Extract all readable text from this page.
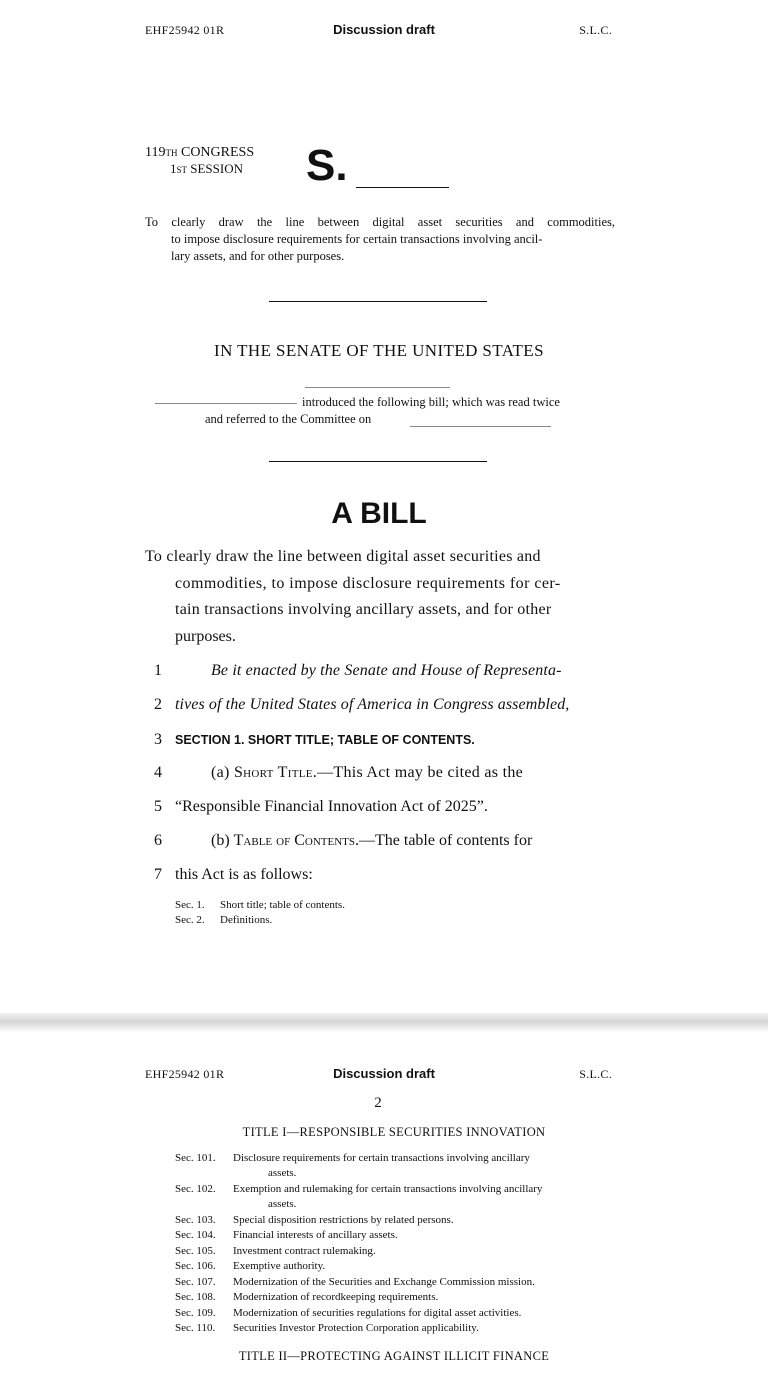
EHF25942 01R	Discussion draft	S.L.C.
119TH CONGRESS
1ST SESSION S.
To clearly draw the line between digital asset securities and commodities,
to impose disclosure requirements for certain transactions involving ancil-
lary assets, and for other purposes.
IN THE SENATE OF THE UNITED STATES
introduced the following bill; which was read twice
and referred to the Committee on
A BILL
To clearly draw the line between digital asset securities and
commodities, to impose disclosure requirements for cer-
tain transactions involving ancillary assets, and for other
purposes.
1	Be it enacted by the Senate and House of Representa-
2 tives of the United States of America in Congress assembled,
3	SECTION 1. SHORT TITLE; TABLE OF CONTENTS.
4	(a) Short Title.—This Act may be cited as the
5 “Responsible Financial Innovation Act of 2025”.
6	(b) Table of Contents.—The table of contents for
7 this Act is as follows:
Sec. 1. Short title; table of contents.
Sec. 2. Definitions.
EHF25942 01R	Discussion draft	S.L.C.
2
TITLE I—RESPONSIBLE SECURITIES INNOVATION
Sec. 101. Disclosure requirements for certain transactions involving ancillary
assets.
Sec. 102. Exemption and rulemaking for certain transactions involving ancillary
assets.
Sec. 103. Special disposition restrictions by related persons.
Sec. 104. Financial interests of ancillary assets.
Sec. 105. Investment contract rulemaking.
Sec. 106. Exemptive authority.
Sec. 107. Modernization of the Securities and Exchange Commission mission.
Sec. 108. Modernization of recordkeeping requirements.
Sec. 109. Modernization of securities regulations for digital asset activities.
Sec. 110. Securities Investor Protection Corporation applicability.
TITLE II—PROTECTING AGAINST ILLICIT FINANCE
